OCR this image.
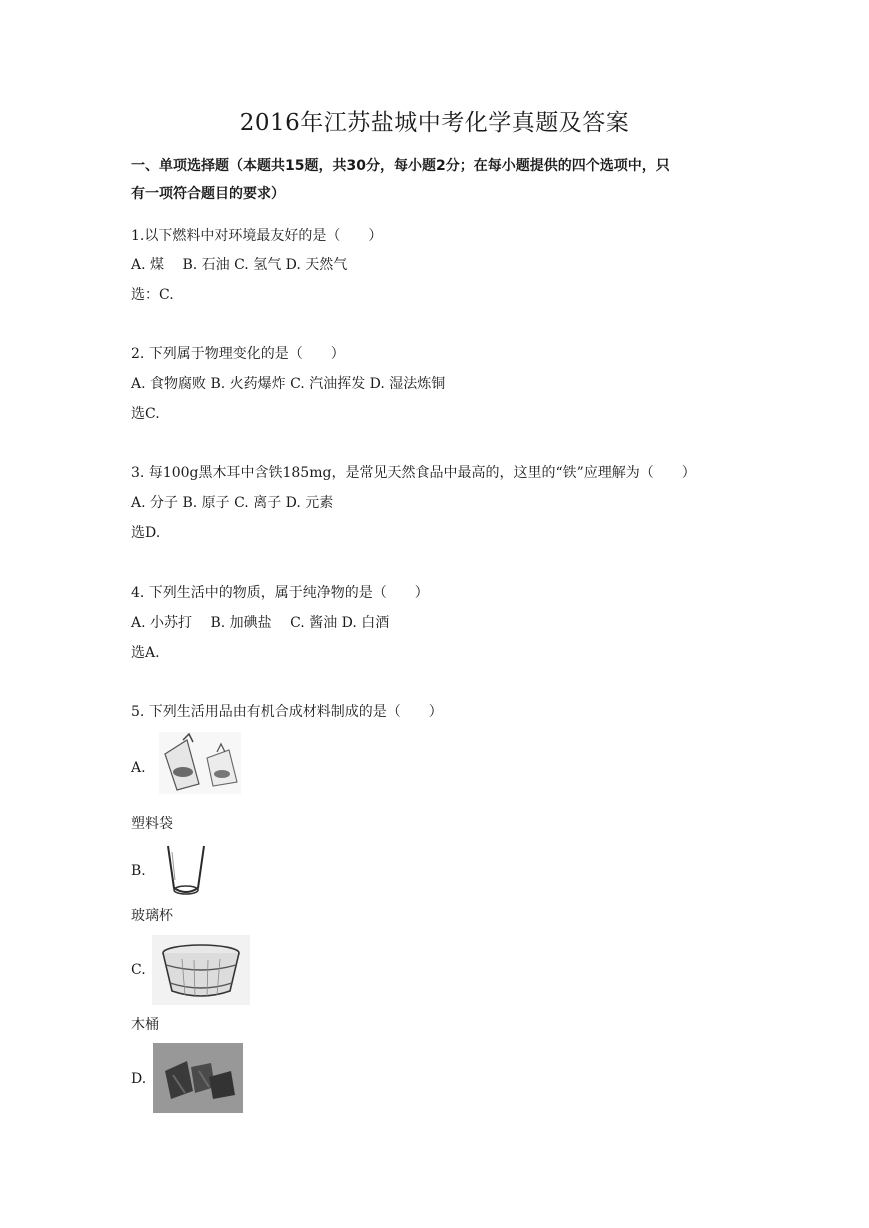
2016年江苏盐城中考化学真题及答案
一、单项选择题（本题共15题，共30分，每小题2分；在每小题提供的四个选项中，只
有一项符合题目的要求）
1.以下燃料中对环境最友好的是（　　）
A. 煤　 B. 石油 C. 氢气 D. 天然气
选：C.
2. 下列属于物理变化的是（　　）
A. 食物腐败 B. 火药爆炸 C. 汽油挥发 D. 湿法炼铜
选C.
3. 每100g黑木耳中含铁185mg，是常见天然食品中最高的，这里的“铁”应理解为（　　）
A. 分子 B. 原子 C. 离子 D. 元素
选D.
4. 下列生活中的物质，属于纯净物的是（　　）
A. 小苏打　 B. 加碘盐　 C. 酱油 D. 白酒
选A.
5. 下列生活用品由有机合成材料制成的是（　　）
A.
塑料袋
B.
玻璃杯
C.
木桶
D.
